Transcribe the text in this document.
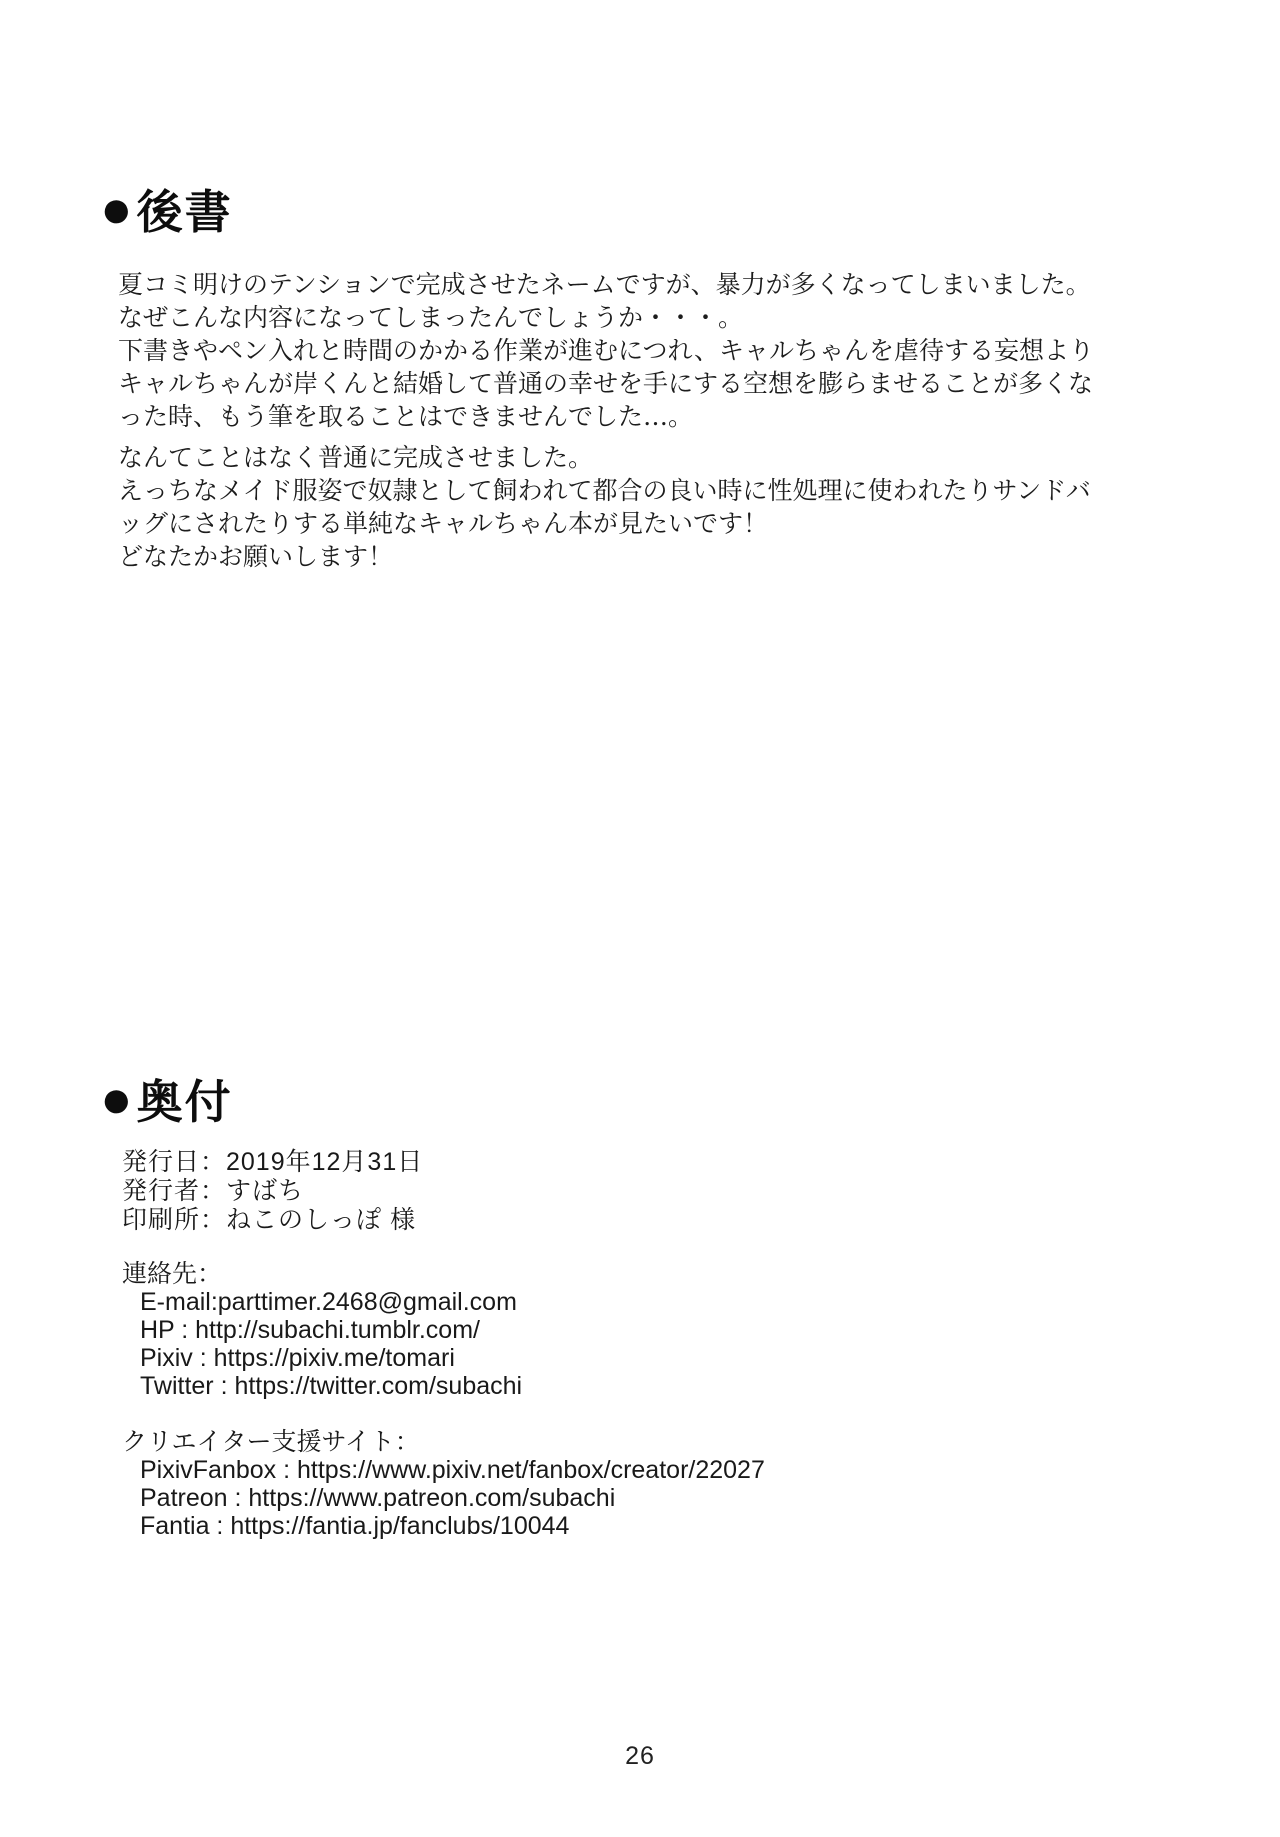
● 後書

夏コミ明けのテンションで完成させたネームですが、暴力が多くなってしまいました。

なぜこんな内容になってしまったんでしょうか・・・。

下書きやペン入れと時間のかかる作業が進むにつれ、キャルちゃんを虐待する妄想より

キャルちゃんが岸くんと結婚して普通の幸せを手にする空想を膨らませることが多くな

った時、もう筆を取ることはできませんでした…。

なんてことはなく普通に完成させました。

えっちなメイド服姿で奴隷として飼われて都合の良い時に性処理に使われたりサンドバ

ッグにされたりする単純なキャルちゃん本が見たいです！

どなたかお願いします！

● 奥付

発行日：2019年12月31日

発行者：すばち

印刷所：ねこのしっぽ 様

連絡先：

E-mail:parttimer.2468@gmail.com

HP : http://subachi.tumblr.com/

Pixiv : https://pixiv.me/tomari

Twitter : https://twitter.com/subachi

クリエイター支援サイト：

PixivFanbox : https://www.pixiv.net/fanbox/creator/22027

Patreon : https://www.patreon.com/subachi

Fantia : https://fantia.jp/fanclubs/10044

26
